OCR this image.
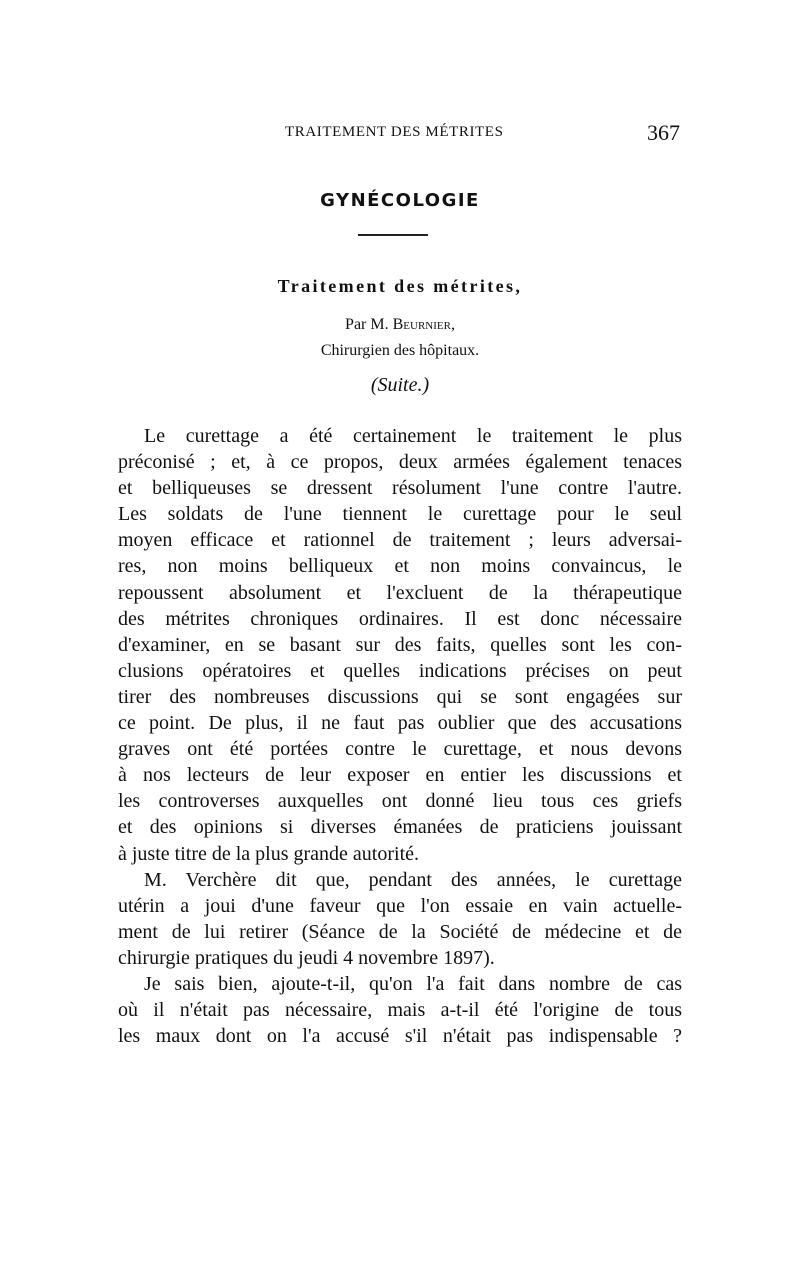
TRAITEMENT DES MÉTRITES	367
GYNÉCOLOGIE
Traitement des métrites,
Par M. Beurnier,
Chirurgien des hôpitaux.
(Suite.)
Le curettage a été certainement le traitement le plus
préconisé ; et, à ce propos, deux armées également tenaces
et belliqueuses se dressent résolument l'une contre l'autre.
Les soldats de l'une tiennent le curettage pour le seul
moyen efficace et rationnel de traitement ; leurs adversai-
res, non moins belliqueux et non moins convaincus, le
repoussent absolument et l'excluent de la thérapeutique
des métrites chroniques ordinaires. Il est donc nécessaire
d'examiner, en se basant sur des faits, quelles sont les con-
clusions opératoires et quelles indications précises on peut
tirer des nombreuses discussions qui se sont engagées sur
ce point. De plus, il ne faut pas oublier que des accusations
graves ont été portées contre le curettage, et nous devons
à nos lecteurs de leur exposer en entier les discussions et
les controverses auxquelles ont donné lieu tous ces griefs
et des opinions si diverses émanées de praticiens jouissant
à juste titre de la plus grande autorité.
M. Verchère dit que, pendant des années, le curettage
utérin a joui d'une faveur que l'on essaie en vain actuelle-
ment de lui retirer (Séance de la Société de médecine et de
chirurgie pratiques du jeudi 4 novembre 1897).
Je sais bien, ajoute-t-il, qu'on l'a fait dans nombre de cas
où il n'était pas nécessaire, mais a-t-il été l'origine de tous
les maux dont on l'a accusé s'il n'était pas indispensable ?
